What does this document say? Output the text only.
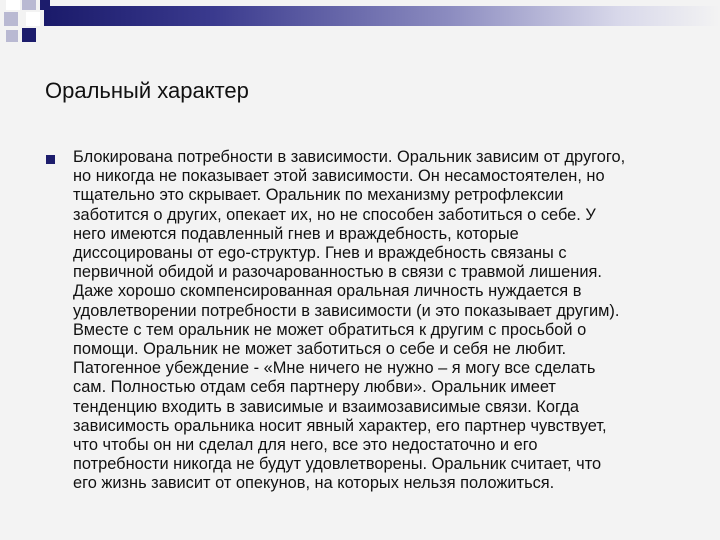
Оральный характер

Блокирована потребности в зависимости. Оральник зависим от другого,
но никогда не показывает этой зависимости. Он несамостоятелен, но
тщательно это скрывает. Оральник по механизму ретрофлексии
заботится о других, опекает их, но не способен заботиться о себе. У
него имеются подавленный гнев и враждебность, которые
диссоцированы от ego-структур. Гнев и враждебность связаны с
первичной обидой и разочарованностью в связи с травмой лишения.
Даже хорошо скомпенсированная оральная личность нуждается в
удовлетворении потребности в зависимости (и это показывает другим).
Вместе с тем оральник не может обратиться к другим с просьбой о
помощи. Оральник не может заботиться о себе и себя не любит.
Патогенное убеждение - «Мне ничего не нужно – я могу все сделать
сам. Полностью отдам себя партнеру любви». Оральник имеет
тенденцию входить в зависимые и взаимозависимые связи. Когда
зависимость оральника носит явный характер, его партнер чувствует,
что чтобы он ни сделал для него, все это недостаточно и его
потребности никогда не будут удовлетворены. Оральник считает, что
его жизнь зависит от опекунов, на которых нельзя положиться.
